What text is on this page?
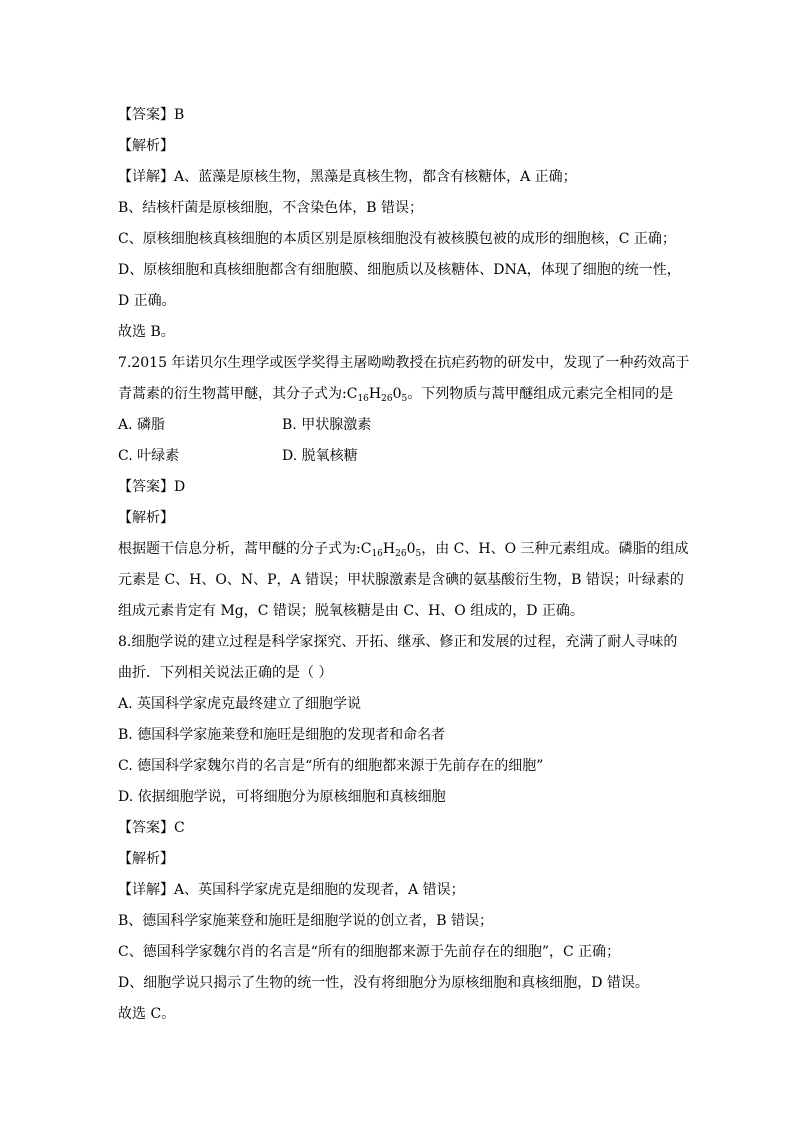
【答案】B
【解析】
【详解】A、蓝藻是原核生物，黑藻是真核生物，都含有核糖体，A 正确；
B、结核杆菌是原核细胞，不含染色体，B 错误；
C、原核细胞核真核细胞的本质区别是原核细胞没有被核膜包被的成形的细胞核，C 正确；
D、原核细胞和真核细胞都含有细胞膜、细胞质以及核糖体、DNA，体现了细胞的统一性，
D 正确。
故选 B。
7.2015 年诺贝尔生理学或医学奖得主屠呦呦教授在抗疟药物的研发中，发现了一种药效高于
青蒿素的衍生物蒿甲醚，其分子式为$:C_{16}H_{26}0_5$。下列物质与蒿甲醚组成元素完全相同的是
A. 磷脂	B. 甲状腺激素
C. 叶绿素	D. 脱氧核糖
【答案】D
【解析】
根据题干信息分析，蒿甲醚的分子式为$:C_{16}H_{26}0_5$，由 C、H、O 三种元素组成。磷脂的组成
元素是 C、H、O、N、P，A 错误；甲状腺激素是含碘的氨基酸衍生物，B 错误；叶绿素的
组成元素肯定有 Mg，C 错误；脱氧核糖是由 C、H、O 组成的，D 正确。
8.细胞学说的建立过程是科学家探究、开拓、继承、修正和发展的过程，充满了耐人寻味的
曲折．下列相关说法正确的是（ ）
A. 英国科学家虎克最终建立了细胞学说
B. 德国科学家施莱登和施旺是细胞的发现者和命名者
C. 德国科学家魏尔肖的名言是“所有的细胞都来源于先前存在的细胞”
D. 依据细胞学说，可将细胞分为原核细胞和真核细胞
【答案】C
【解析】
【详解】A、英国科学家虎克是细胞的发现者，A 错误；
B、德国科学家施莱登和施旺是细胞学说的创立者，B 错误；
C、德国科学家魏尔肖的名言是“所有的细胞都来源于先前存在的细胞”，C 正确；
D、细胞学说只揭示了生物的统一性，没有将细胞分为原核细胞和真核细胞，D 错误。
故选 C。
